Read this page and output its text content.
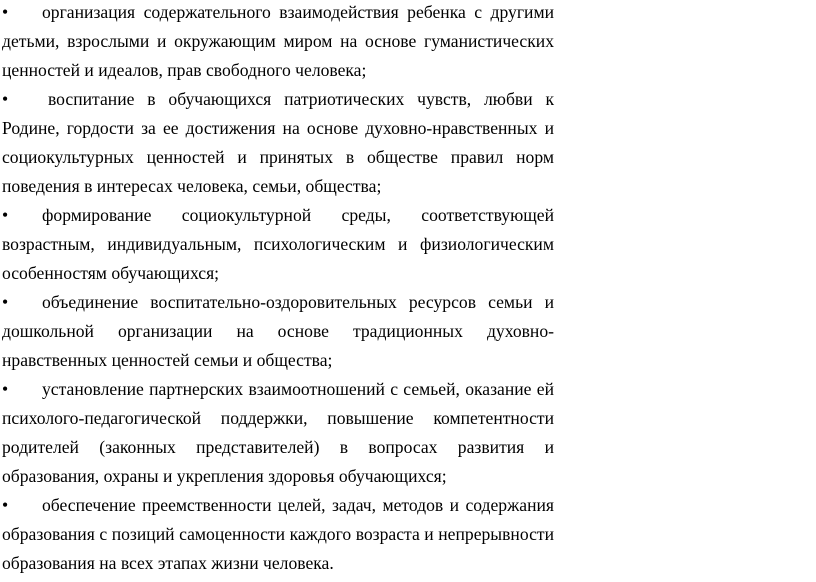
• организация содержательного взаимодействия ребенка с другими детьми, взрослыми и окружающим миром на основе гуманистических ценностей и идеалов, прав свободного человека;

• воспитание в обучающихся патриотических чувств, любви к Родине, гордости за ее достижения на основе духовно-нравственных и социокультурных ценностей и принятых в обществе правил норм поведения в интересах человека, семьи, общества;

• формирование социокультурной среды, соответствующей возрастным, индивидуальным, психологическим и физиологическим особенностям обучающихся;

• объединение воспитательно-оздоровительных ресурсов семьи и дошкольной организации на основе традиционных духовно-нравственных ценностей семьи и общества;

• установление партнерских взаимоотношений с семьей, оказание ей психолого-педагогической поддержки, повышение компетентности родителей (законных представителей) в вопросах развития и образования, охраны и укрепления здоровья обучающихся;

• обеспечение преемственности целей, задач, методов и содержания образования с позиций самоценности каждого возраста и непрерывности образования на всех этапах жизни человека.
